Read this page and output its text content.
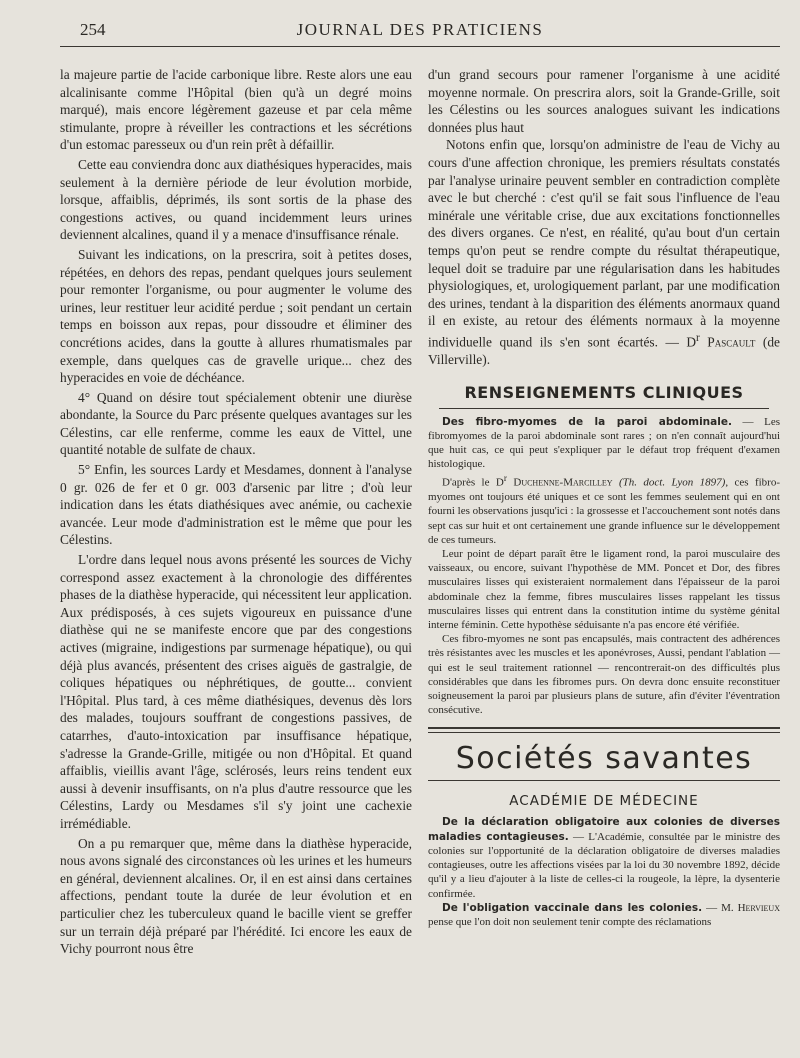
254	JOURNAL DES PRATICIENS

la majeure partie de l'acide carbonique libre. Reste alors une eau alcalinisante comme l'Hôpital (bien qu'à un degré moins marqué), mais encore légèrement gazeuse et par cela même stimulante, propre à réveiller les contractions et les sécrétions d'un estomac paresseux ou d'un rein prêt à défaillir.

Cette eau conviendra donc aux diathésiques hyperacides, mais seulement à la dernière période de leur évolution morbide, lorsque, affaiblis, déprimés, ils sont sortis de la phase des congestions actives, ou quand incidemment leurs urines deviennent alcalines, quand il y a menace d'insuffisance rénale.

Suivant les indications, on la prescrira, soit à petites doses, répétées, en dehors des repas, pendant quelques jours seulement pour remonter l'organisme, ou pour augmenter le volume des urines, leur restituer leur acidité perdue ; soit pendant un certain temps en boisson aux repas, pour dissoudre et éliminer des concrétions acides, dans la goutte à allures rhumatismales par exemple, dans quelques cas de gravelle urique... chez des hyperacides en voie de déchéance.

4° Quand on désire tout spécialement obtenir une diurèse abondante, la Source du Parc présente quelques avantages sur les Célestins, car elle renferme, comme les eaux de Vittel, une quantité notable de sulfate de chaux.

5° Enfin, les sources Lardy et Mesdames, donnent à l'analyse 0 gr. 026 de fer et 0 gr. 003 d'arsenic par litre ; d'où leur indication dans les états diathésiques avec anémie, ou cachexie avancée. Leur mode d'administration est le même que pour les Célestins.

L'ordre dans lequel nous avons présenté les sources de Vichy correspond assez exactement à la chronologie des différentes phases de la diathèse hyperacide, qui nécessitent leur application. Aux prédisposés, à ces sujets vigoureux en puissance d'une diathèse qui ne se manifeste encore que par des congestions actives (migraine, indigestions par surmenage hépatique), ou qui déjà plus avancés, présentent des crises aiguës de gastralgie, de coliques hépatiques ou néphrétiques, de goutte... convient l'Hôpital. Plus tard, à ces même diathésiques, devenus dès lors des malades, toujours souffrant de congestions passives, de catarrhes, d'auto-intoxication par insuffisance hépatique, s'adresse la Grande-Grille, mitigée ou non d'Hôpital. Et quand affaiblis, vieillis avant l'âge, sclérosés, leurs reins tendent eux aussi à devenir insuffisants, on n'a plus d'autre ressource que les Célestins, Lardy ou Mesdames s'il s'y joint une cachexie irrémédiable.

On a pu remarquer que, même dans la diathèse hyperacide, nous avons signalé des circonstances où les urines et les humeurs en général, deviennent alcalines. Or, il en est ainsi dans certaines affections, pendant toute la durée de leur évolution et en particulier chez les tuberculeux quand le bacille vient se greffer sur un terrain déjà préparé par l'hérédité. Ici encore les eaux de Vichy pourront nous être

d'un grand secours pour ramener l'organisme à une acidité moyenne normale. On prescrira alors, soit la Grande-Grille, soit les Célestins ou les sources analogues suivant les indications données plus haut

Notons enfin que, lorsqu'on administre de l'eau de Vichy au cours d'une affection chronique, les premiers résultats constatés par l'analyse urinaire peuvent sembler en contradiction complète avec le but cherché : c'est qu'il se fait sous l'influence de l'eau minérale une véritable crise, due aux excitations fonctionnelles des divers organes. Ce n'est, en réalité, qu'au bout d'un certain temps qu'on peut se rendre compte du résultat thérapeutique, lequel doit se traduire par une régularisation dans les habitudes physiologiques, et, urologiquement parlant, par une modification des urines, tendant à la disparition des éléments anormaux quand il en existe, au retour des éléments normaux à la moyenne individuelle quand ils s'en sont écartés. — $D^r$ Pascault (de Villerville).

RENSEIGNEMENTS CLINIQUES

Des fibro-myomes de la paroi abdominale. — Les fibromyomes de la paroi abdominale sont rares ; on n'en connaît aujourd'hui que huit cas, ce qui peut s'expliquer par le défaut trop fréquent d'examen histologique.

D'après le $D^r$ Duchenne-Marcilley (Th. doct. Lyon 1897), ces fibro-myomes ont toujours été uniques et ce sont les femmes seulement qui en ont fourni les observations jusqu'ici : la grossesse et l'accouchement sont notés dans sept cas sur huit et ont certainement une grande influence sur le développement de ces tumeurs.

Leur point de départ paraît être le ligament rond, la paroi musculaire des vaisseaux, ou encore, suivant l'hypothèse de MM. Poncet et Dor, des fibres musculaires lisses qui existeraient normalement dans l'épaisseur de la paroi abdominale chez la femme, fibres musculaires lisses rappelant les tissus musculaires lisses qui entrent dans la constitution intime du système génital interne féminin. Cette hypothèse séduisante n'a pas encore été vérifiée.

Ces fibro-myomes ne sont pas encapsulés, mais contractent des adhérences très résistantes avec les muscles et les aponévroses, Aussi, pendant l'ablation — qui est le seul traitement rationnel — rencontrerait-on des difficultés plus considérables que dans les fibromes purs. On devra donc ensuite reconstituer soigneusement la paroi par plusieurs plans de suture, afin d'éviter l'éventration consécutive.

Sociétés savantes
ACADÉMIE DE MÉDECINE

De la déclaration obligatoire aux colonies de diverses maladies contagieuses. — L'Académie, consultée par le ministre des colonies sur l'opportunité de la déclaration obligatoire de diverses maladies contagieuses, outre les affections visées par la loi du 30 novembre 1892, décide qu'il y a lieu d'ajouter à la liste de celles-ci la rougeole, la lèpre, la dysenterie confirmée.

De l'obligation vaccinale dans les colonies. — M. Hervieux pense que l'on doit non seulement tenir compte des réclamations
